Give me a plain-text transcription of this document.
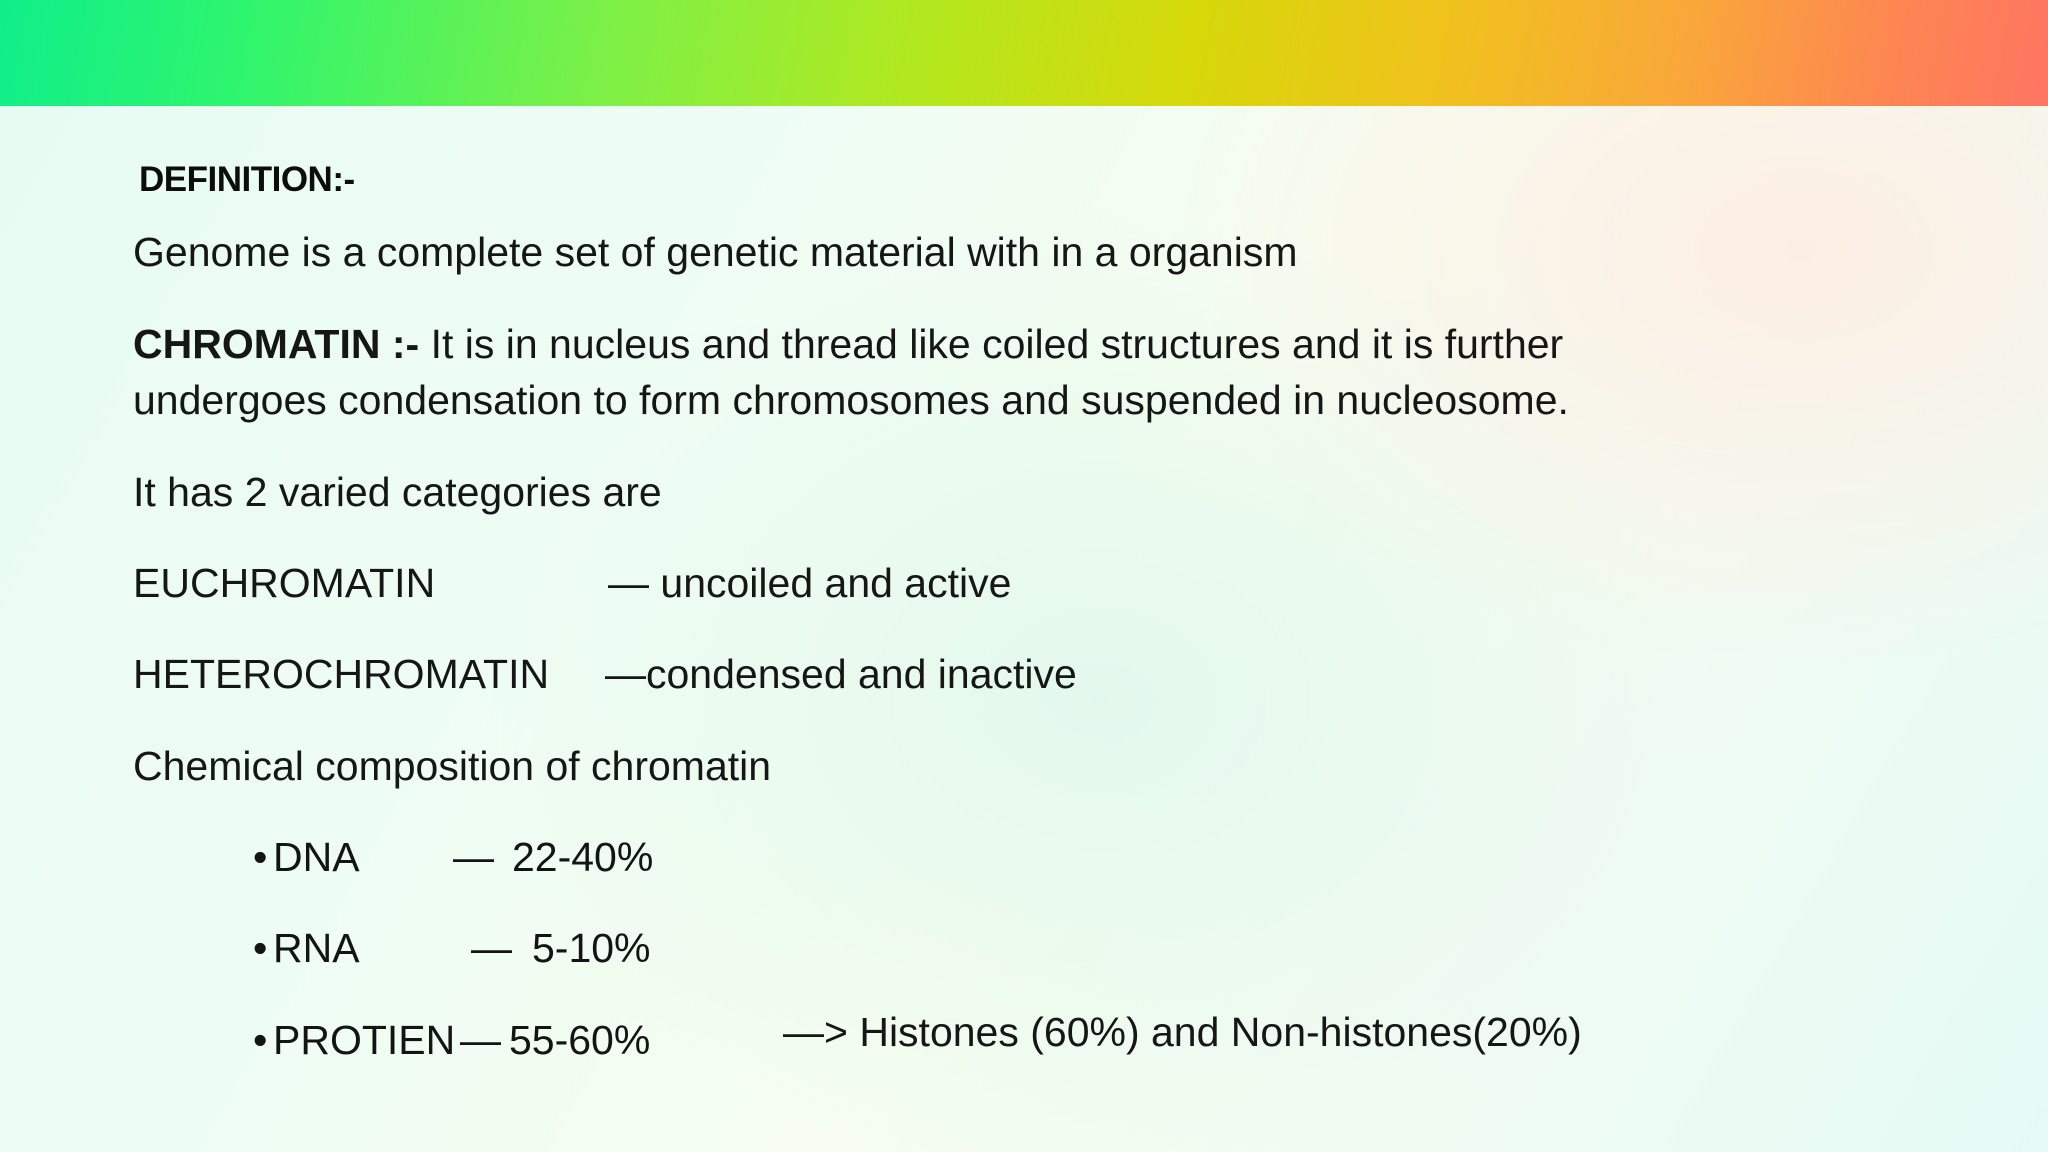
DEFINITION:-
Genome is a complete set of genetic material with in a organism
CHROMATIN :- It is in nucleus and thread like coiled structures and it is further
undergoes condensation to form chromosomes and suspended in nucleosome.
It has 2 varied categories are
EUCHROMATIN	— uncoiled and active
HETEROCHROMATIN —condensed and inactive
Chemical composition of chromatin
• DNA — 22-40%
• RNA	— 5-10%
• PROTIEN — 55-60%	—> Histones (60%) and Non-histones(20%)
